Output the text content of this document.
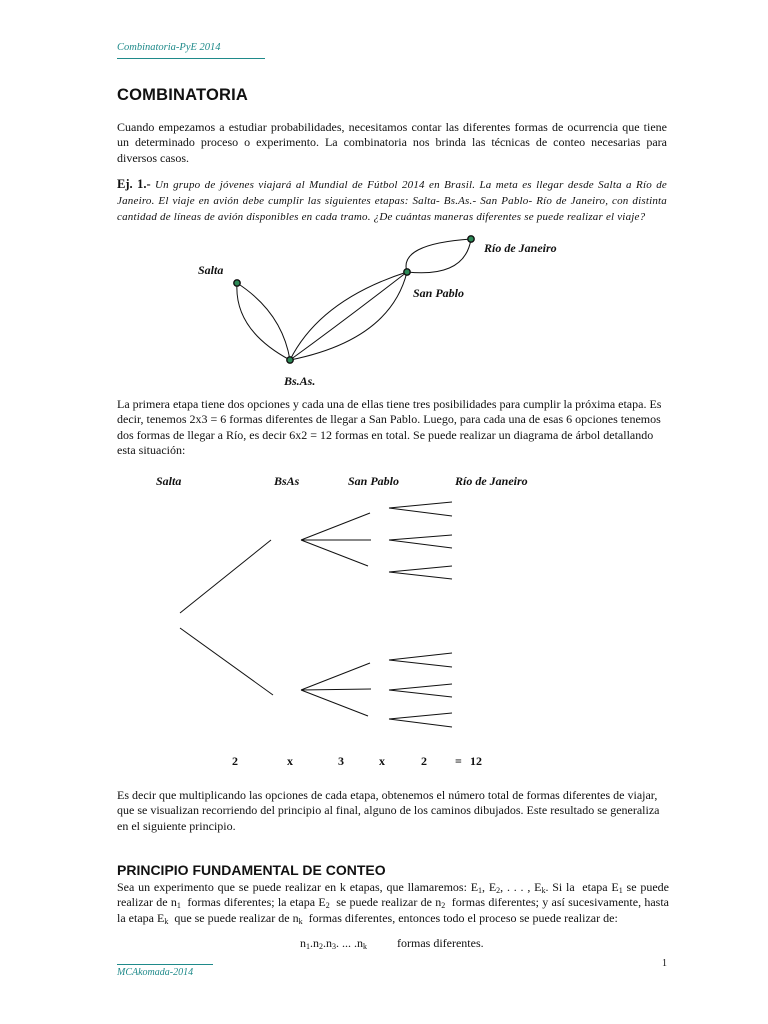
Combinatoria-PyE 2014
COMBINATORIA

Cuando empezamos a estudiar probabilidades, necesitamos contar las diferentes formas de ocurrencia que tiene un determinado proceso o experimento. La combinatoria nos brinda las técnicas de conteo necesarias para diversos casos.

Ej. 1.- Un grupo de jóvenes viajará al Mundial de Fútbol 2014 en Brasil. La meta es llegar desde Salta a Río de Janeiro. El viaje en avión debe cumplir las siguientes etapas: Salta- Bs.As.- San Pablo- Río de Janeiro, con distinta cantidad de líneas de avión disponibles en cada tramo. ¿De cuántas maneras diferentes se puede realizar el viaje?

Salta
Bs.As.
San Pablo
Río de Janeiro

La primera etapa tiene dos opciones y cada una de ellas tiene tres posibilidades para cumplir la próxima etapa. Es decir, tenemos 2x3 = 6 formas diferentes de llegar a San Pablo. Luego, para cada una de esas 6 opciones tenemos dos formas de llegar a Río, es decir 6x2 = 12 formas en total. Se puede realizar un diagrama de árbol detallando esta situación:

Salta	BsAs	San Pablo	Río de Janeiro
2	x	3	x	2 = 12

Es decir que multiplicando las opciones de cada etapa, obtenemos el número total de formas diferentes de viajar, que se visualizan recorriendo del principio al final, alguno de los caminos dibujados. Este resultado se generaliza en el siguiente principio.

PRINCIPIO FUNDAMENTAL DE CONTEO

Sea un experimento que se puede realizar en k etapas, que llamaremos: $E_1$, $E_2$, . . . , $E_k$. Si la  etapa $E_1$ se puede realizar de $n_1$  formas diferentes; la etapa $E_2$  se puede realizar de $n_2$  formas diferentes; y así sucesivamente, hasta la etapa $E_k$  que se puede realizar de $n_k$  formas diferentes, entonces todo el proceso se puede realizar de:

$n_1.n_2.n_3$. ... $.n_k$	formas diferentes.
1
MCAkomada-2014
